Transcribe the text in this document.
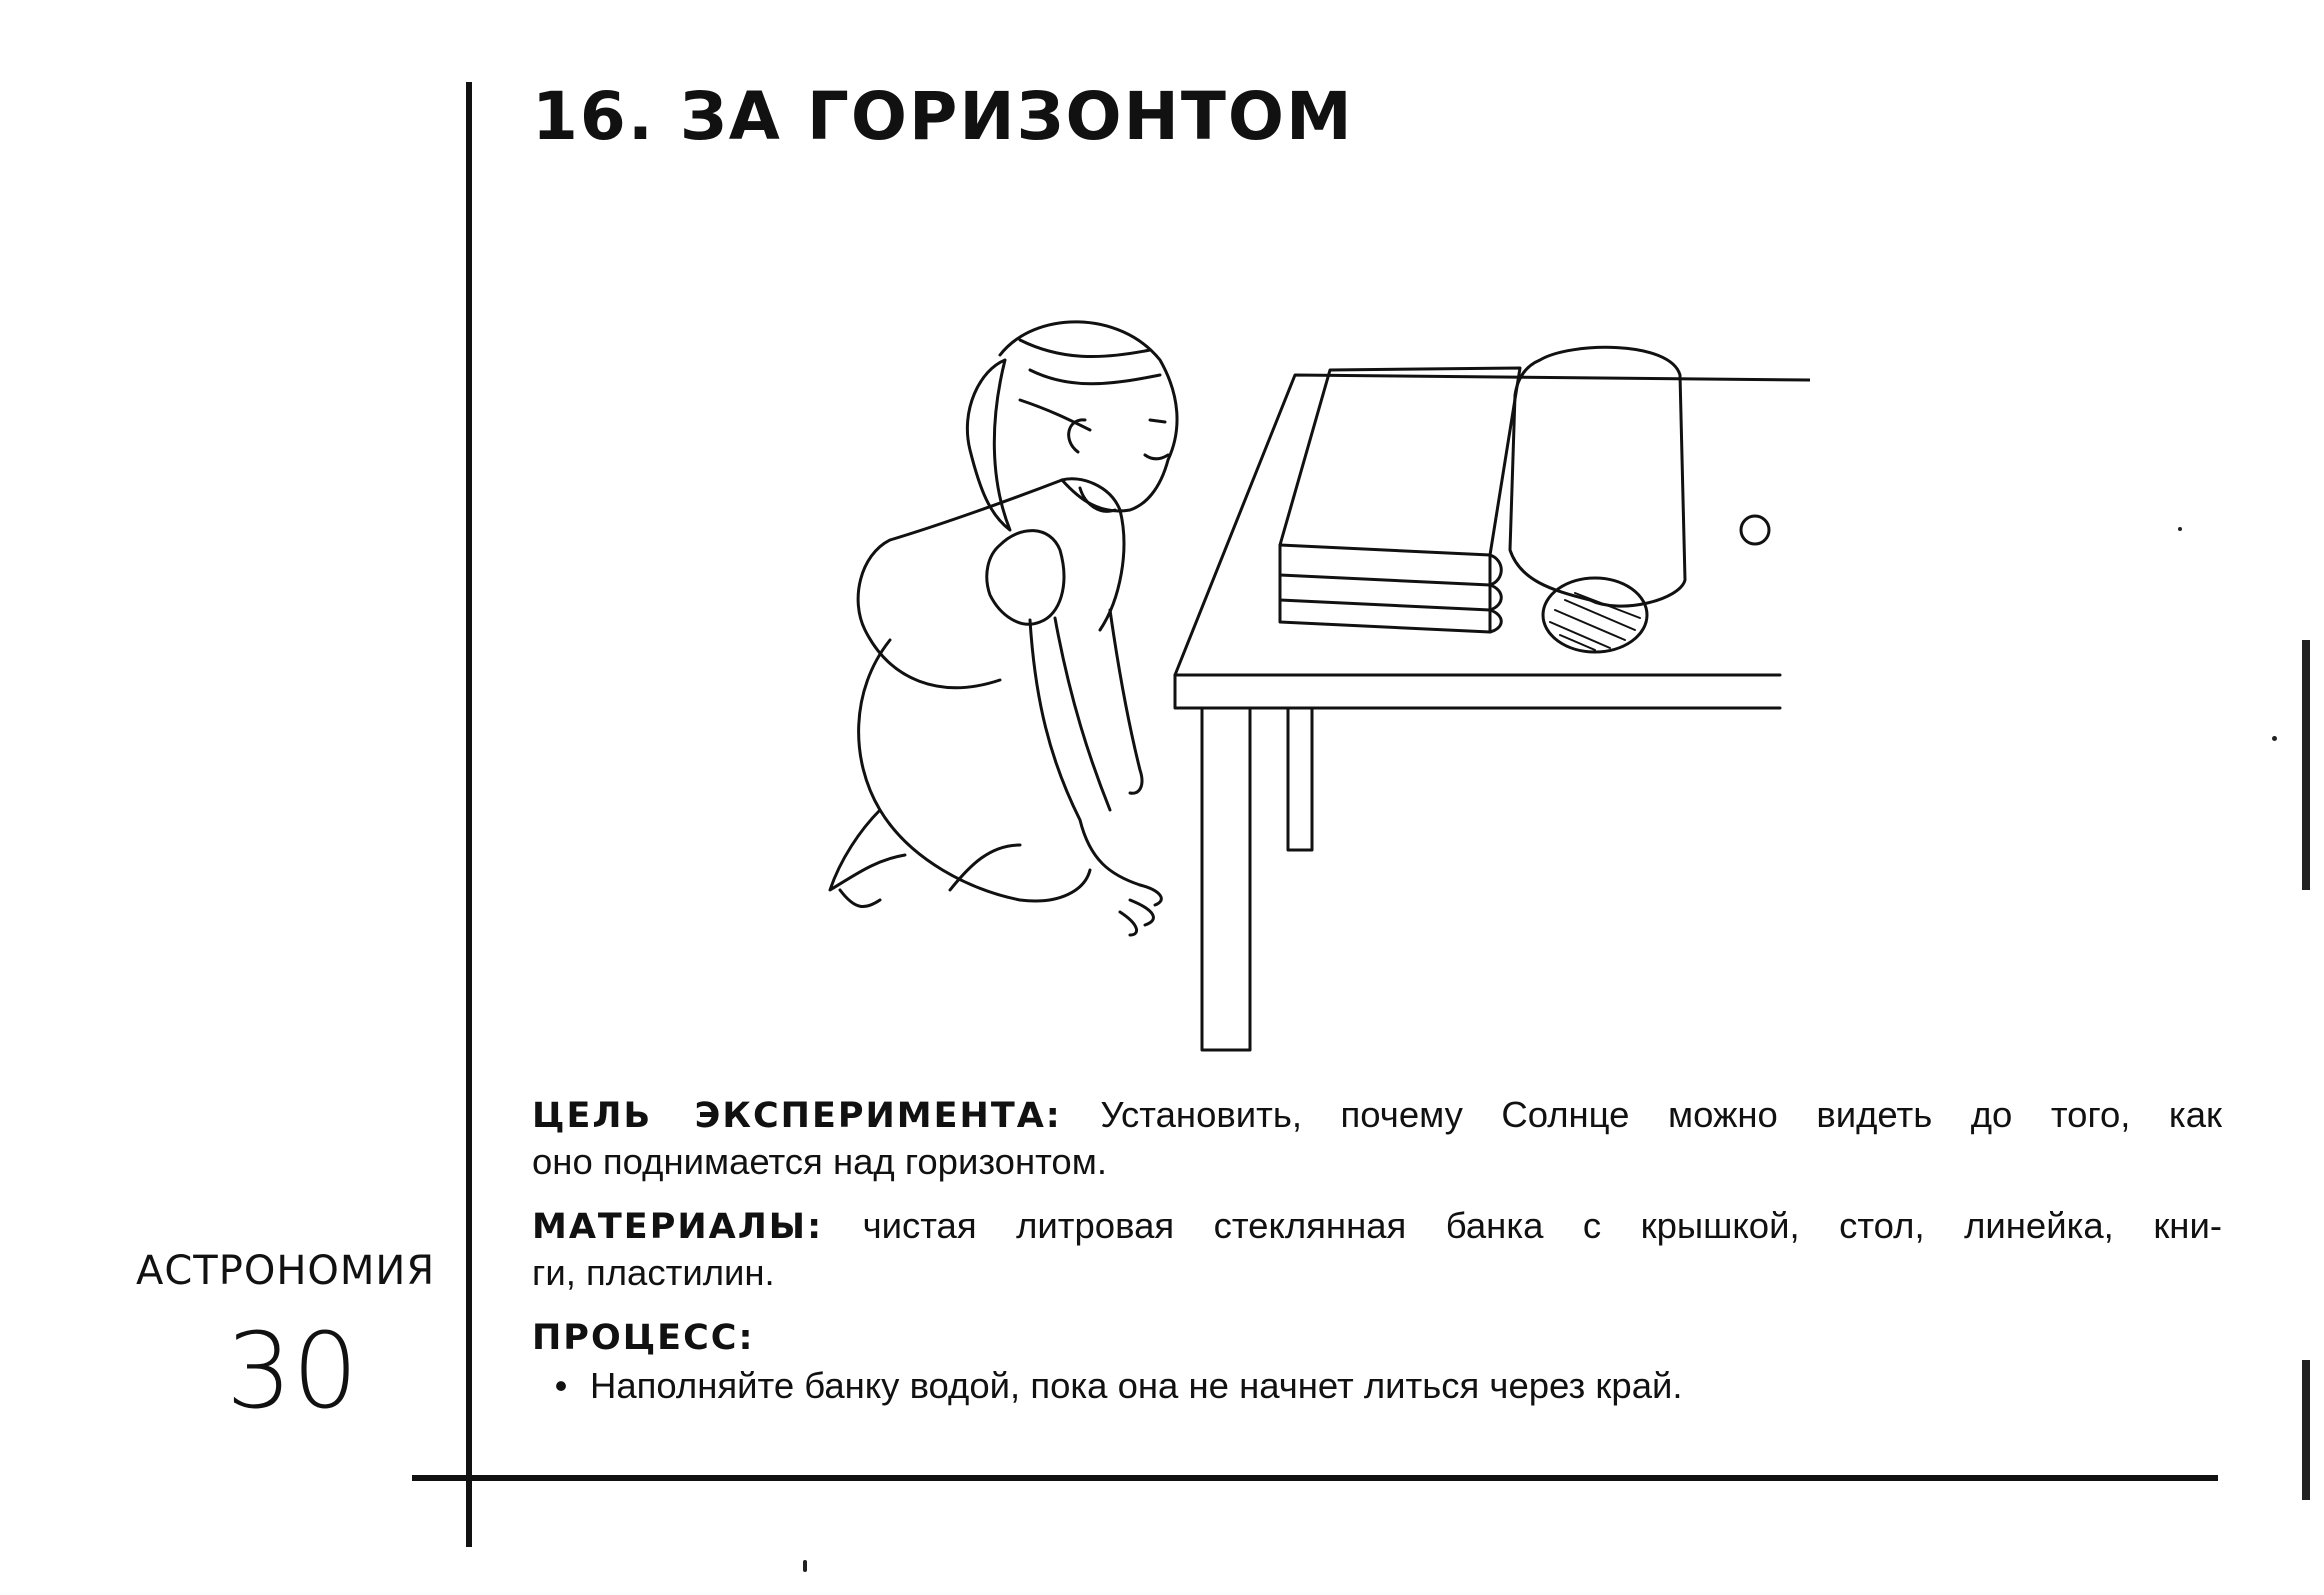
16. ЗА ГОРИЗОНТОМ
АСТРОНОМИЯ
30
ЦЕЛЬ ЭКСПЕРИМЕНТА: Установить, почему Солнце можно видеть до того, как
оно поднимается над горизонтом.
МАТЕРИАЛЫ: чистая литровая стеклянная банка с крышкой, стол, линейка, кни-
ги, пластилин.
ПРОЦЕСС:
• Наполняйте банку водой, пока она не начнет литься через край.
